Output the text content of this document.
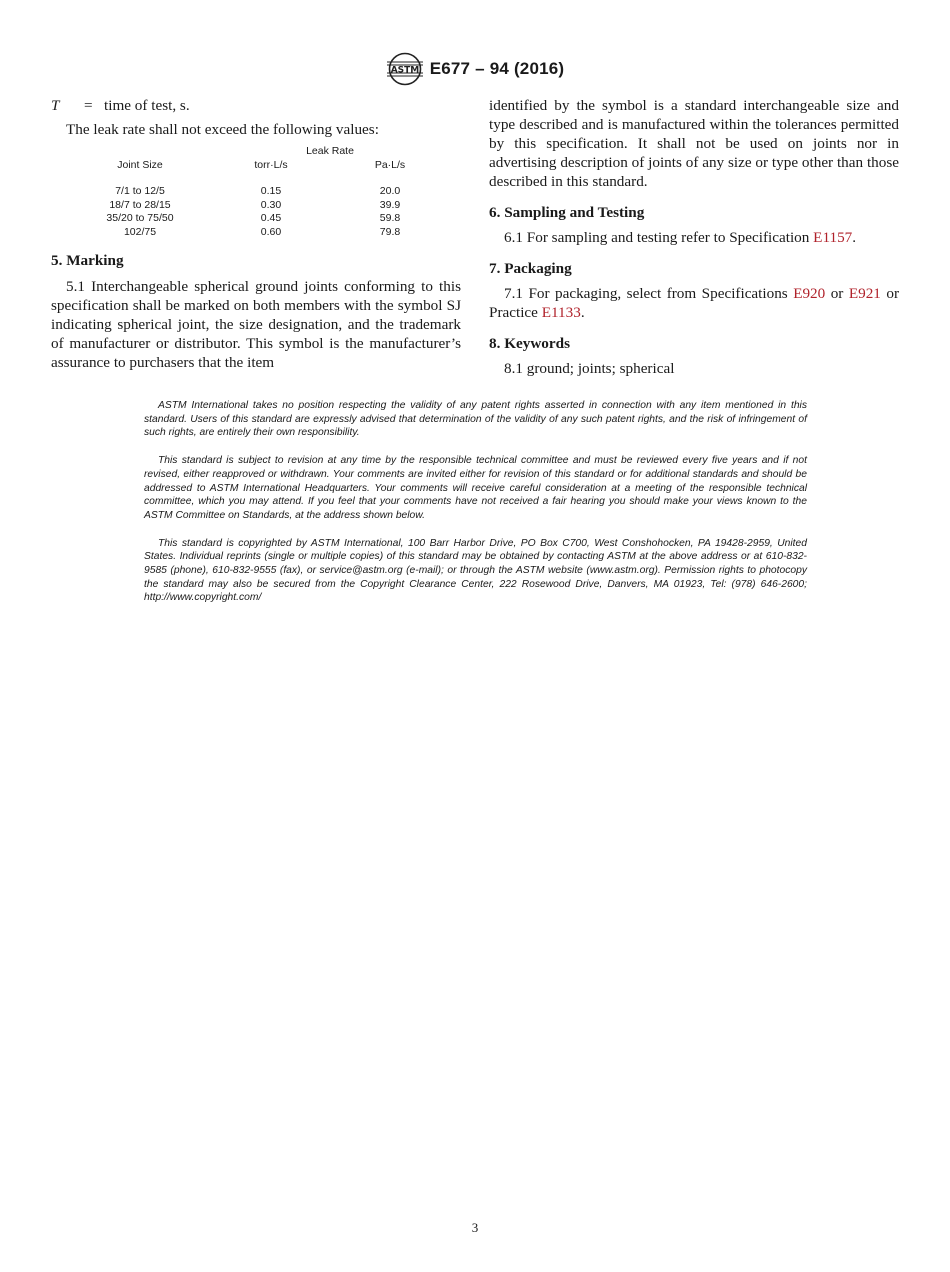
ASTM E677 – 94 (2016)
T	= time of test, s.

The leak rate shall not exceed the following values:

	Leak Rate	
Joint Size	torr·L/s	Pa·L/s

7/1 to 12/5	0.15	20.0
18/7 to 28/15	0.30	39.9
35/20 to 75/50	0.45	59.8
102/75	0.60	79.8
5. Marking

5.1 Interchangeable spherical ground joints conforming to this specification shall be marked on both members with the symbol SJ indicating spherical joint, the size designation, and the trademark of manufacturer or distributor. This symbol is the manufacturer’s assurance to purchasers that the item

identified by the symbol is a standard interchangeable size and type described and is manufactured within the tolerances permitted by this specification. It shall not be used on joints nor in advertising description of joints of any size or type other than those described in this standard.

6. Sampling and Testing

6.1 For sampling and testing refer to Specification E1157.

7. Packaging

7.1 For packaging, select from Specifications E920 or E921 or Practice E1133.

8. Keywords

8.1 ground; joints; spherical

ASTM International takes no position respecting the validity of any patent rights asserted in connection with any item mentioned in this standard. Users of this standard are expressly advised that determination of the validity of any such patent rights, and the risk of infringement of such rights, are entirely their own responsibility.

This standard is subject to revision at any time by the responsible technical committee and must be reviewed every five years and if not revised, either reapproved or withdrawn. Your comments are invited either for revision of this standard or for additional standards and should be addressed to ASTM International Headquarters. Your comments will receive careful consideration at a meeting of the responsible technical committee, which you may attend. If you feel that your comments have not received a fair hearing you should make your views known to the ASTM Committee on Standards, at the address shown below.

This standard is copyrighted by ASTM International, 100 Barr Harbor Drive, PO Box C700, West Conshohocken, PA 19428-2959, United States. Individual reprints (single or multiple copies) of this standard may be obtained by contacting ASTM at the above address or at 610-832-9585 (phone), 610-832-9555 (fax), or service@astm.org (e-mail); or through the ASTM website (www.astm.org). Permission rights to photocopy the standard may also be secured from the Copyright Clearance Center, 222 Rosewood Drive, Danvers, MA 01923, Tel: (978) 646-2600; http://www.copyright.com/

3
